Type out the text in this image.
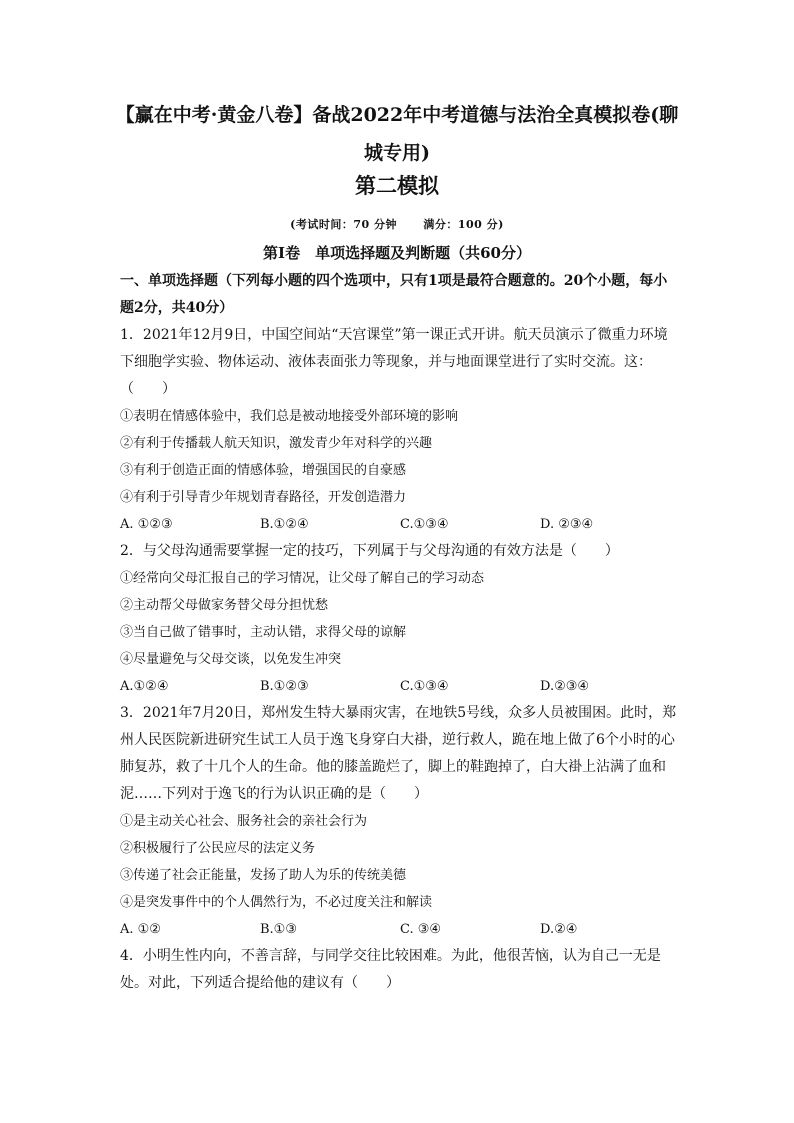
【赢在中考·黄金八卷】备战2022年中考道德与法治全真模拟卷(聊城专用)
第二模拟
(考试时间：70 分钟 满分：100 分)
第Ⅰ卷　单项选择题及判断题（共60分）

一、单项选择题（下列每小题的四个选项中，只有1项是最符合题意的。20个小题，每小题2分，共40分）

1．2021年12月9日，中国空间站“天宫课堂”第一课正式开讲。航天员演示了微重力环境下细胞学实验、物体运动、液体表面张力等现象，并与地面课堂进行了实时交流。这：（　　）

①表明在情感体验中，我们总是被动地接受外部环境的影响

②有利于传播载人航天知识，激发青少年对科学的兴趣

③有利于创造正面的情感体验，增强国民的自豪感

④有利于引导青少年规划青春路径，开发创造潜力

A. ①②③	B.①②④	C.①③④	D. ②③④

2．与父母沟通需要掌握一定的技巧，下列属于与父母沟通的有效方法是（　　）

①经常向父母汇报自己的学习情况，让父母了解自己的学习动态

②主动帮父母做家务替父母分担忧愁

③当自己做了错事时，主动认错，求得父母的谅解

④尽量避免与父母交谈，以免发生冲突

A.①②④	B.①②③	C.①③④	D.②③④

3．2021年7月20日，郑州发生特大暴雨灾害，在地铁5号线，众多人员被围困。此时，郑州人民医院新进研究生试工人员于逸飞身穿白大褂，逆行救人，跪在地上做了6个小时的心肺复苏，救了十几个人的生命。他的膝盖跪烂了，脚上的鞋跑掉了，白大褂上沾满了血和泥……下列对于逸飞的行为认识正确的是（　　）

①是主动关心社会、服务社会的亲社会行为

②积极履行了公民应尽的法定义务

③传递了社会正能量，发扬了助人为乐的传统美德

④是突发事件中的个人偶然行为，不必过度关注和解读

A. ①②	B.①③	C. ③④	D.②④

4．小明生性内向，不善言辞，与同学交往比较困难。为此，他很苦恼，认为自己一无是处。对此，下列适合提给他的建议有（　　）
